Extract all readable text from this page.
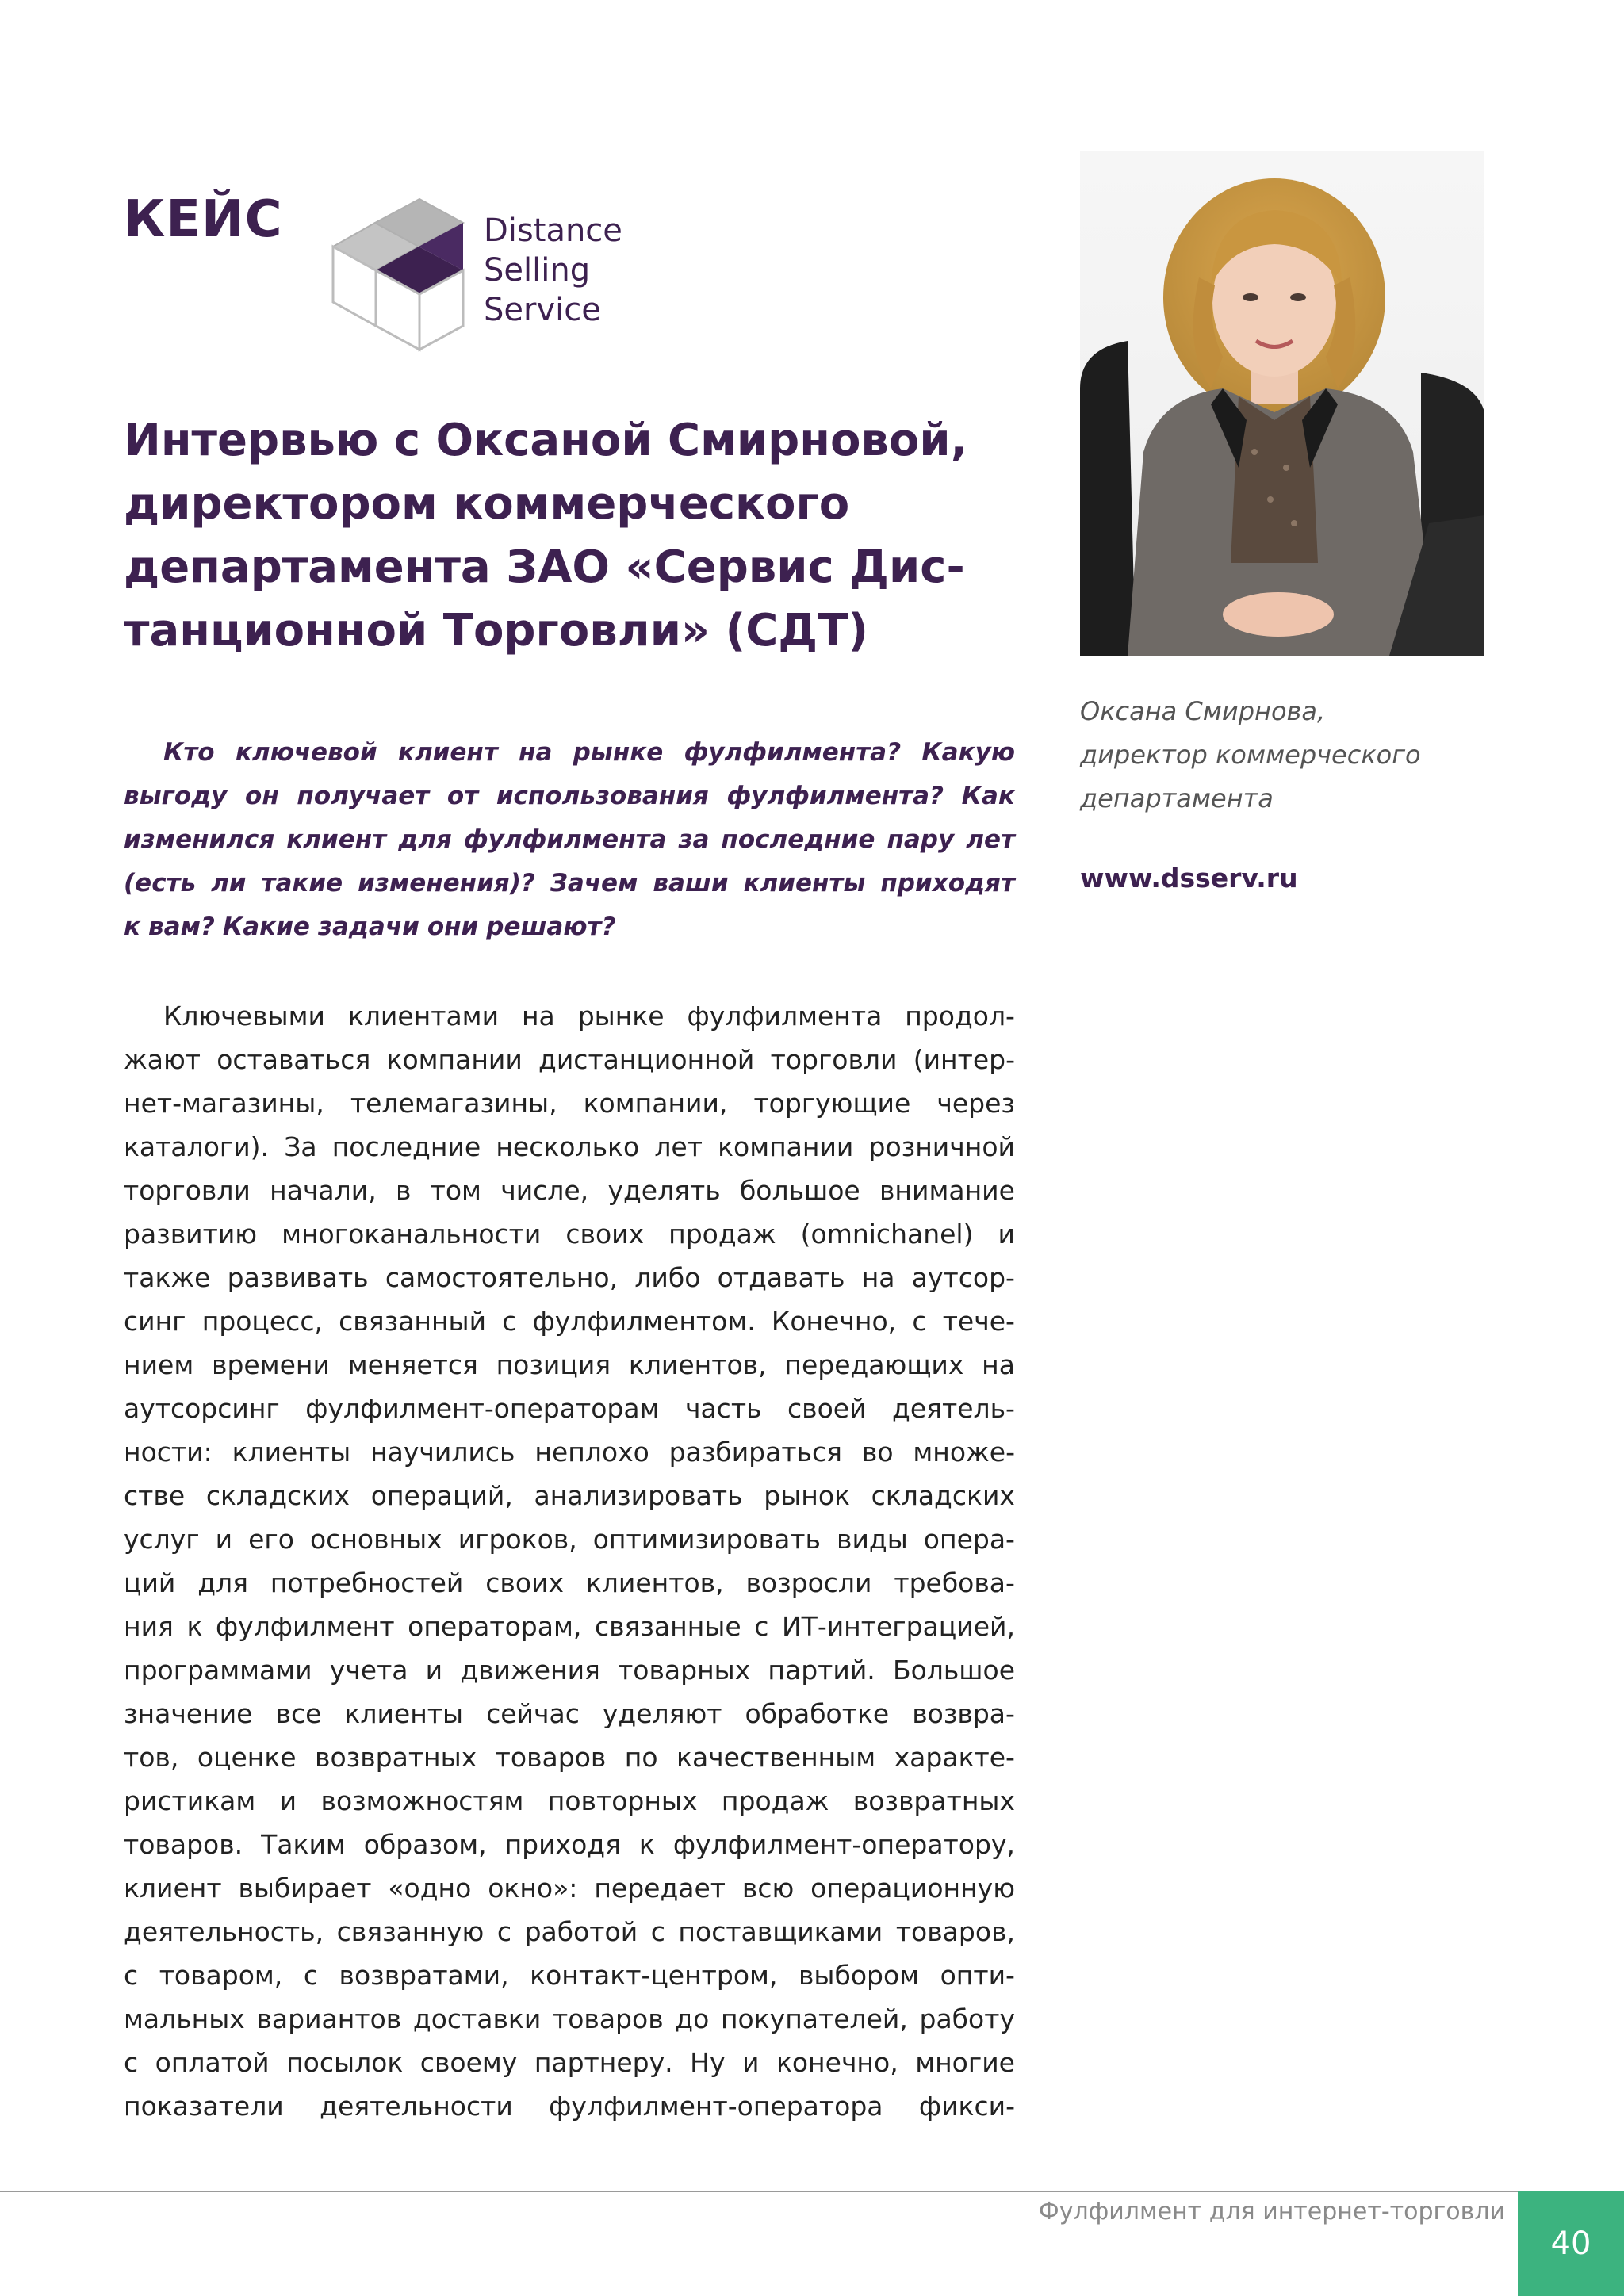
КЕЙС	Distance
Selling
Service
Интервью с Оксаной Смирновой,
директором коммерческого
департамента ЗАО «Сервис Дис-
танционной Торговли» (СДТ)
Оксана Смирнова,
директор коммерческого
департамента
www.dsserv.ru
Кто ключевой клиент на рынке фулфилмента? Какую
выгоду он получает от использования фулфилмента? Как
изменился клиент для фулфилмента за последние пару лет
(есть ли такие изменения)? Зачем ваши клиенты приходят
к вам? Какие задачи они решают?
Ключевыми клиентами на рынке фулфилмента продол-
жают оставаться компании дистанционной торговли (интер-
нет-магазины, телемагазины, компании, торгующие через
каталоги). За последние несколько лет компании розничной
торговли начали, в том числе, уделять большое внимание
развитию многоканальности своих продаж (omnichanel) и
также развивать самостоятельно, либо отдавать на аутсор-
синг процесс, связанный с фулфилментом. Конечно, с тече-
нием времени меняется позиция клиентов, передающих на
аутсорсинг фулфилмент-операторам часть своей деятель-
ности: клиенты научились неплохо разбираться во множе-
стве складских операций, анализировать рынок складских
услуг и его основных игроков, оптимизировать виды опера-
ций для потребностей своих клиентов, возросли требова-
ния к фулфилмент операторам, связанные с ИТ-интеграцией,
программами учета и движения товарных партий. Большое
значение все клиенты сейчас уделяют обработке возвра-
тов, оценке возвратных товаров по качественным характе-
ристикам и возможностям повторных продаж возвратных
товаров. Таким образом, приходя к фулфилмент-оператору,
клиент выбирает «одно окно»: передает всю операционную
деятельность, связанную с работой с поставщиками товаров,
с товаром, с возвратами, контакт-центром, выбором опти-
мальных вариантов доставки товаров до покупателей, работу
с оплатой посылок своему партнеру. Ну и конечно, многие
показатели деятельности фулфилмент-оператора фикси-
Фулфилмент для интернет-торговли
40
